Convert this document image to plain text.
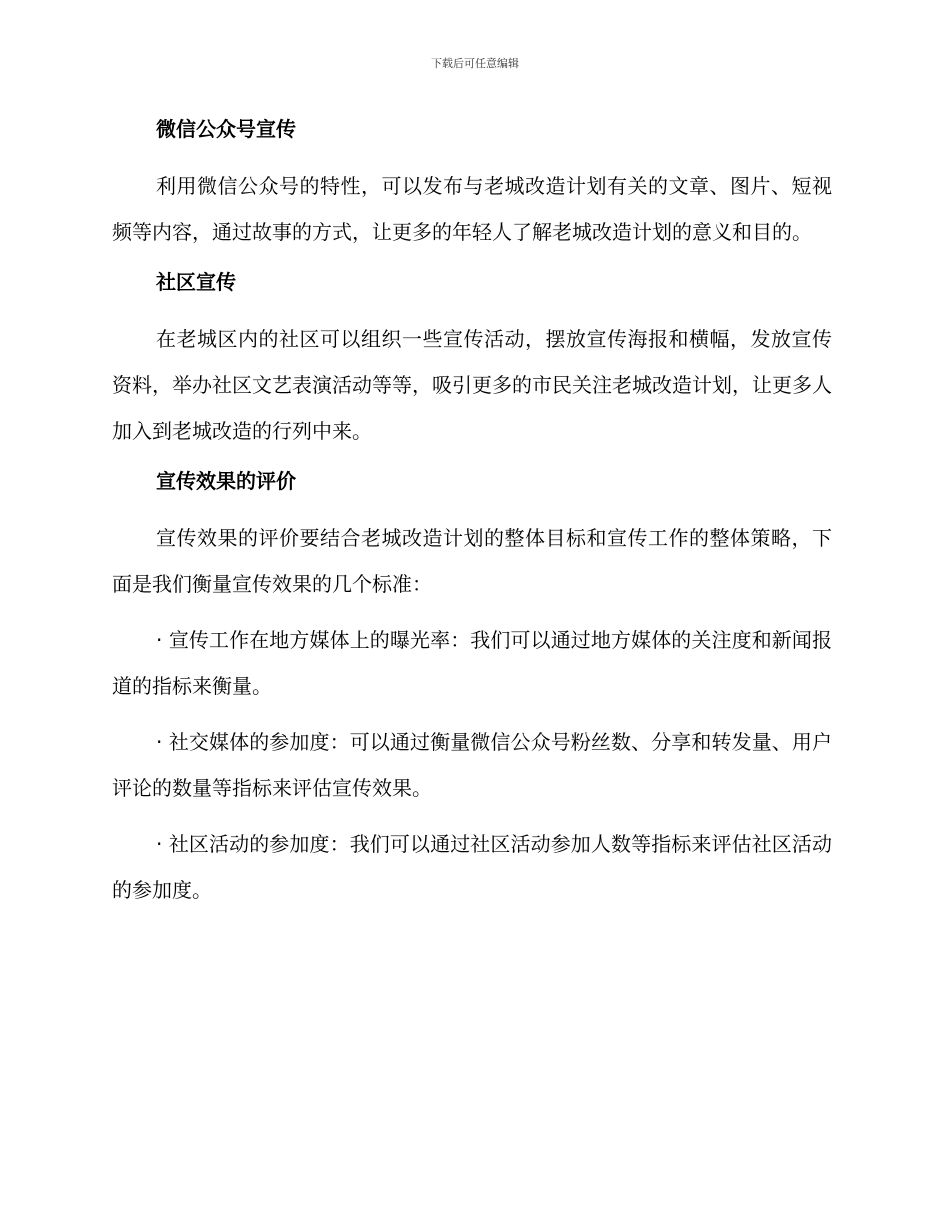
下载后可任意编辑
微信公众号宣传
利用微信公众号的特性，可以发布与老城改造计划有关的文章、图片、短视频等内容，通过故事的方式，让更多的年轻人了解老城改造计划的意义和目的。
社区宣传
在老城区内的社区可以组织一些宣传活动，摆放宣传海报和横幅，发放宣传资料，举办社区文艺表演活动等等，吸引更多的市民关注老城改造计划，让更多人加入到老城改造的行列中来。
宣传效果的评价
宣传效果的评价要结合老城改造计划的整体目标和宣传工作的整体策略，下面是我们衡量宣传效果的几个标准：
· 宣传工作在地方媒体上的曝光率：我们可以通过地方媒体的关注度和新闻报道的指标来衡量。
· 社交媒体的参加度：可以通过衡量微信公众号粉丝数、分享和转发量、用户评论的数量等指标来评估宣传效果。
· 社区活动的参加度：我们可以通过社区活动参加人数等指标来评估社区活动的参加度。
